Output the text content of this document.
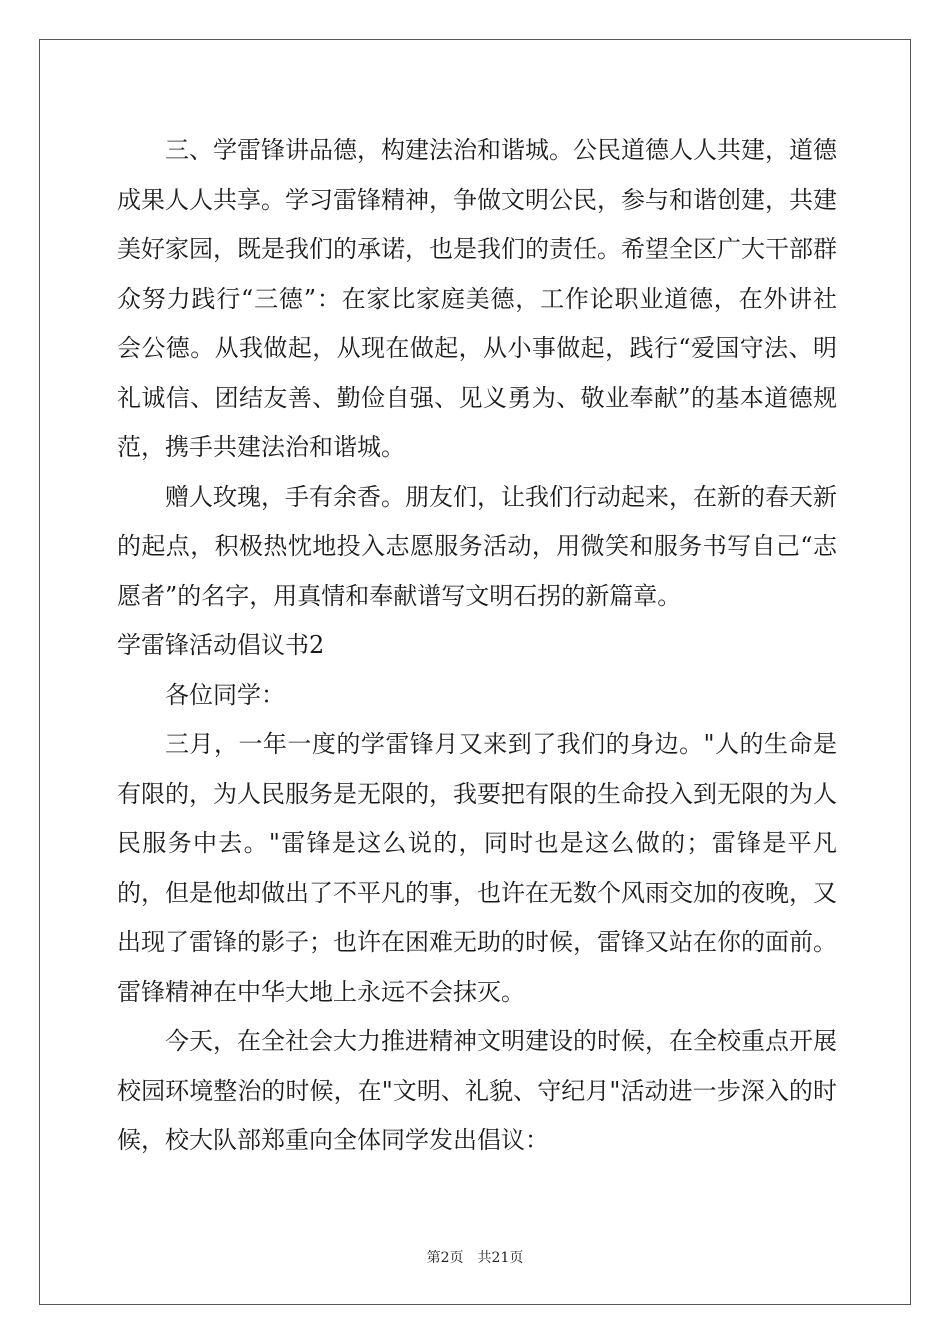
三、学雷锋讲品德，构建法治和谐城。公民道德人人共建，道德成果人人共享。学习雷锋精神，争做文明公民，参与和谐创建，共建美好家园，既是我们的承诺，也是我们的责任。希望全区广大干部群众努力践行“三德”：在家比家庭美德，工作论职业道德，在外讲社会公德。从我做起，从现在做起，从小事做起，践行“爱国守法、明礼诚信、团结友善、勤俭自强、见义勇为、敬业奉献”的基本道德规范，携手共建法治和谐城。

赠人玫瑰，手有余香。朋友们，让我们行动起来，在新的春天新的起点，积极热忱地投入志愿服务活动，用微笑和服务书写自己“志愿者”的名字，用真情和奉献谱写文明石拐的新篇章。

学雷锋活动倡议书2

各位同学：

三月，一年一度的学雷锋月又来到了我们的身边。"人的生命是有限的，为人民服务是无限的，我要把有限的生命投入到无限的为人民服务中去。"雷锋是这么说的，同时也是这么做的；雷锋是平凡的，但是他却做出了不平凡的事，也许在无数个风雨交加的夜晚，又出现了雷锋的影子；也许在困难无助的时候，雷锋又站在你的面前。雷锋精神在中华大地上永远不会抹灭。

今天，在全社会大力推进精神文明建设的时候，在全校重点开展校园环境整治的时候，在"文明、礼貌、守纪月"活动进一步深入的时候，校大队部郑重向全体同学发出倡议：

第2页 共21页
